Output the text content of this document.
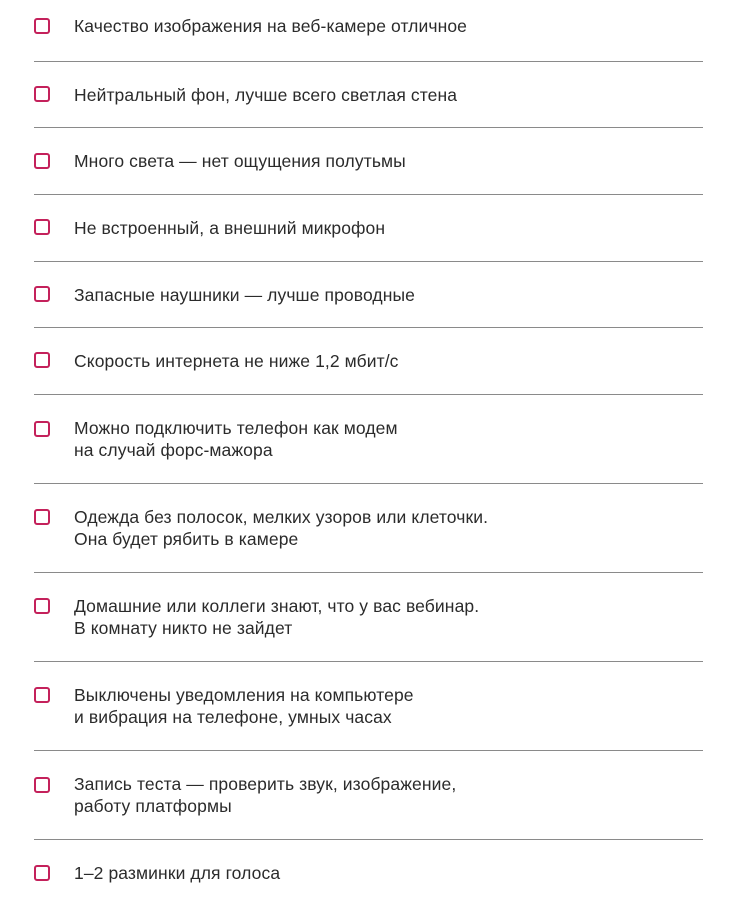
Качество изображения на веб-камере отличное
Нейтральный фон, лучше всего светлая стена
Много света — нет ощущения полутьмы
Не встроенный, а внешний микрофон
Запасные наушники — лучше проводные
Скорость интернета не ниже 1,2 мбит/с
Можно подключить телефон как модем
на случай форс-мажора
Одежда без полосок, мелких узоров или клеточки.
Она будет рябить в камере
Домашние или коллеги знают, что у вас вебинар.
В комнату никто не зайдет
Выключены уведомления на компьютере
и вибрация на телефоне, умных часах
Запись теста — проверить звук, изображение,
работу платформы
1–2 разминки для голоса
